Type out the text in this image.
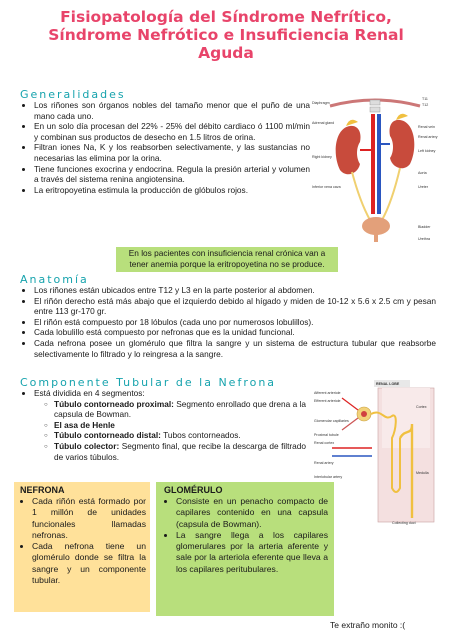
Fisiopatología del Síndrome Nefrítico, Síndrome Nefrótico e Insuficiencia Renal Aguda
Generalidades
• Los riñones son órganos nobles del tamaño menor que el puño de una mano cada uno.
• En un solo día procesan del 22% - 25% del débito cardiaco ó 1100 ml/min y combinan sus productos de desecho en 1.5 litros de orina.
• Filtran iones Na, K y los reabsorben selectivamente, y las sustancias no necesarias las elimina por la orina.
• Tiene funciones exocrina y endocrina. Regula la presión arterial y volumen a través del sistema renina angiotensina.
• La eritropoyetina estimula la producción de glóbulos rojos.
En los pacientes con insuficiencia renal crónica van a tener anemia porque la eritropoyetina no se produce.
Diaphragm
T11
T12
Adrenal gland
Renal vein
Renal artery
Right kidney
Left kidney
Inferior vena cava
Aorta
Ureter
Bladder
Urethra
Anatomía
• Los riñones están ubicados entre T12 y L3 en la parte posterior al abdomen.
• El riñón derecho está más abajo que el izquierdo debido al hígado y miden de 10-12 x 5.6 x 2.5 cm y pesan entre 113 gr-170 gr.
• El riñón está compuesto por 18 lóbulos (cada uno por numerosos lobulillos).
• Cada lobulillo está compuesto por nefronas que es la unidad funcional.
• Cada nefrona posee un glomérulo que filtra la sangre y un sistema de estructura tubular que reabsorbe selectivamente lo filtrado y lo reingresa a la sangre.
Componente Tubular de la Nefrona
• Está dividida en 4 segmentos:
○ Túbulo contorneado proximal: Segmento enrollado que drena a la capsula de Bowman.
○ El asa de Henle
○ Túbulo contorneado distal: Tubos contorneados.
○ Túbulo colector: Segmento final, que recibe la descarga de filtrado de varios túbulos.
RENAL LOBE
Afferent arteriole
Efferent arteriole
Glomerular capillaries
Proximal tubule
Cortex
Renal cortex
Renal artery
Medulla
Interlobular artery
Collecting duct

NEFRONA

• Cada riñón está formado por 1 millón de unidades funcionales llamadas nefronas.
• Cada nefrona tiene un glomérulo donde se filtra la sangre y un componente tubular.

GLOMÉRULO

• Consiste en un penacho compacto de capilares contenido en una capsula (capsula de Bowman).
• La sangre llega a los capilares glomerulares por la arteria aferente y sale por la arteriola eferente que lleva a los capilares peritubulares.
Te extraño monito :(
